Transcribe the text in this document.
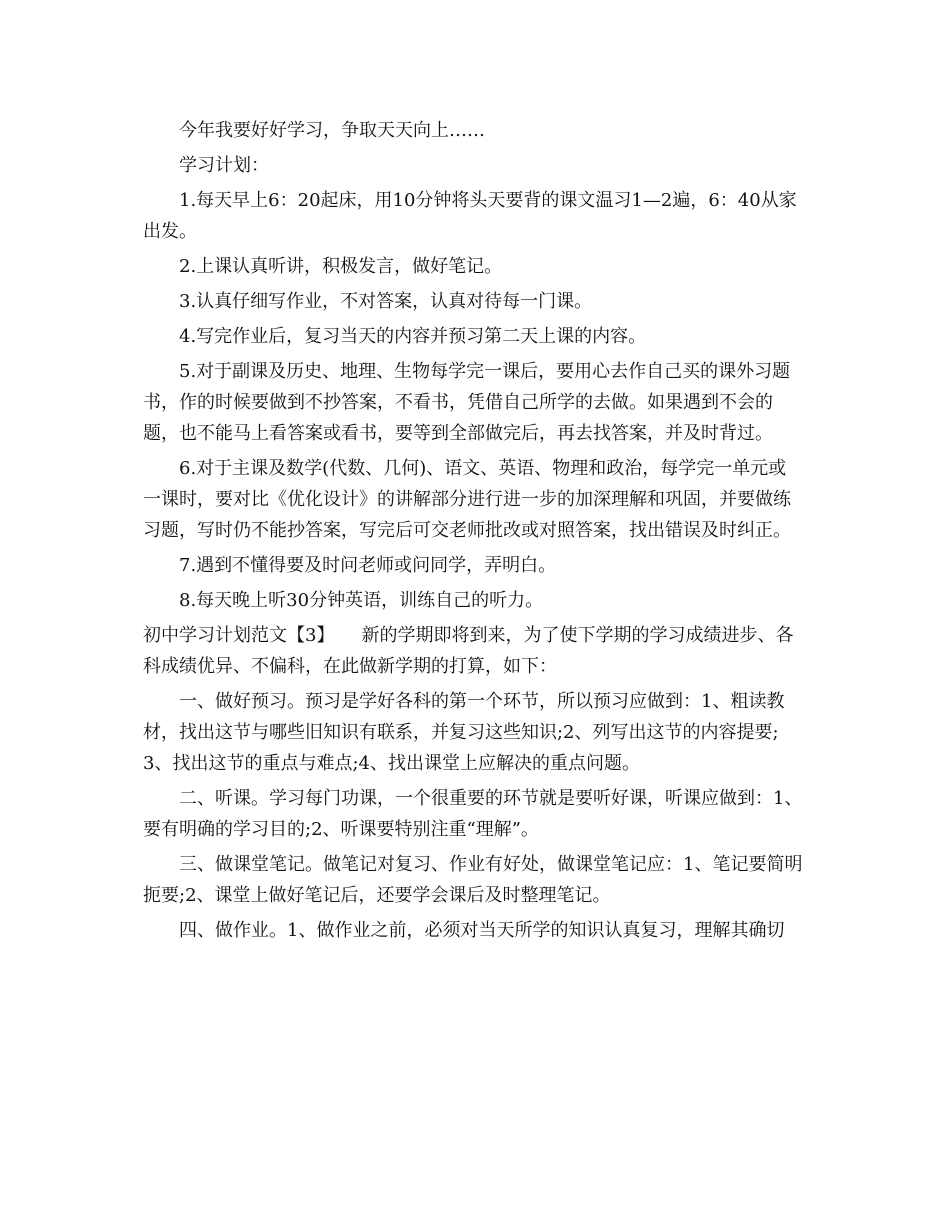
今年我要好好学习，争取天天向上……

学习计划：

1.每天早上6：20起床，用10分钟将头天要背的课文温习1—2遍，6：40从家出发。

2.上课认真听讲，积极发言，做好笔记。

3.认真仔细写作业，不对答案，认真对待每一门课。

4.写完作业后，复习当天的内容并预习第二天上课的内容。

5.对于副课及历史、地理、生物每学完一课后，要用心去作自己买的课外习题书，作的时候要做到不抄答案，不看书，凭借自己所学的去做。如果遇到不会的题，也不能马上看答案或看书，要等到全部做完后，再去找答案，并及时背过。

6.对于主课及数学(代数、几何)、语文、英语、物理和政治，每学完一单元或一课时，要对比《优化设计》的讲解部分进行进一步的加深理解和巩固，并要做练习题，写时仍不能抄答案，写完后可交老师批改或对照答案，找出错误及时纠正。

7.遇到不懂得要及时问老师或问同学，弄明白。

8.每天晚上听30分钟英语，训练自己的听力。

初中学习计划范文【3】　　新的学期即将到来，为了使下学期的学习成绩进步、各科成绩优异、不偏科，在此做新学期的打算，如下：

一、做好预习。预习是学好各科的第一个环节，所以预习应做到：1、粗读教材，找出这节与哪些旧知识有联系，并复习这些知识;2、列写出这节的内容提要;3、找出这节的重点与难点;4、找出课堂上应解决的重点问题。

二、听课。学习每门功课，一个很重要的环节就是要听好课，听课应做到：1、要有明确的学习目的;2、听课要特别注重“理解”。

三、做课堂笔记。做笔记对复习、作业有好处，做课堂笔记应：1、笔记要简明扼要;2、课堂上做好笔记后，还要学会课后及时整理笔记。

四、做作业。1、做作业之前，必须对当天所学的知识认真复习，理解其确切
